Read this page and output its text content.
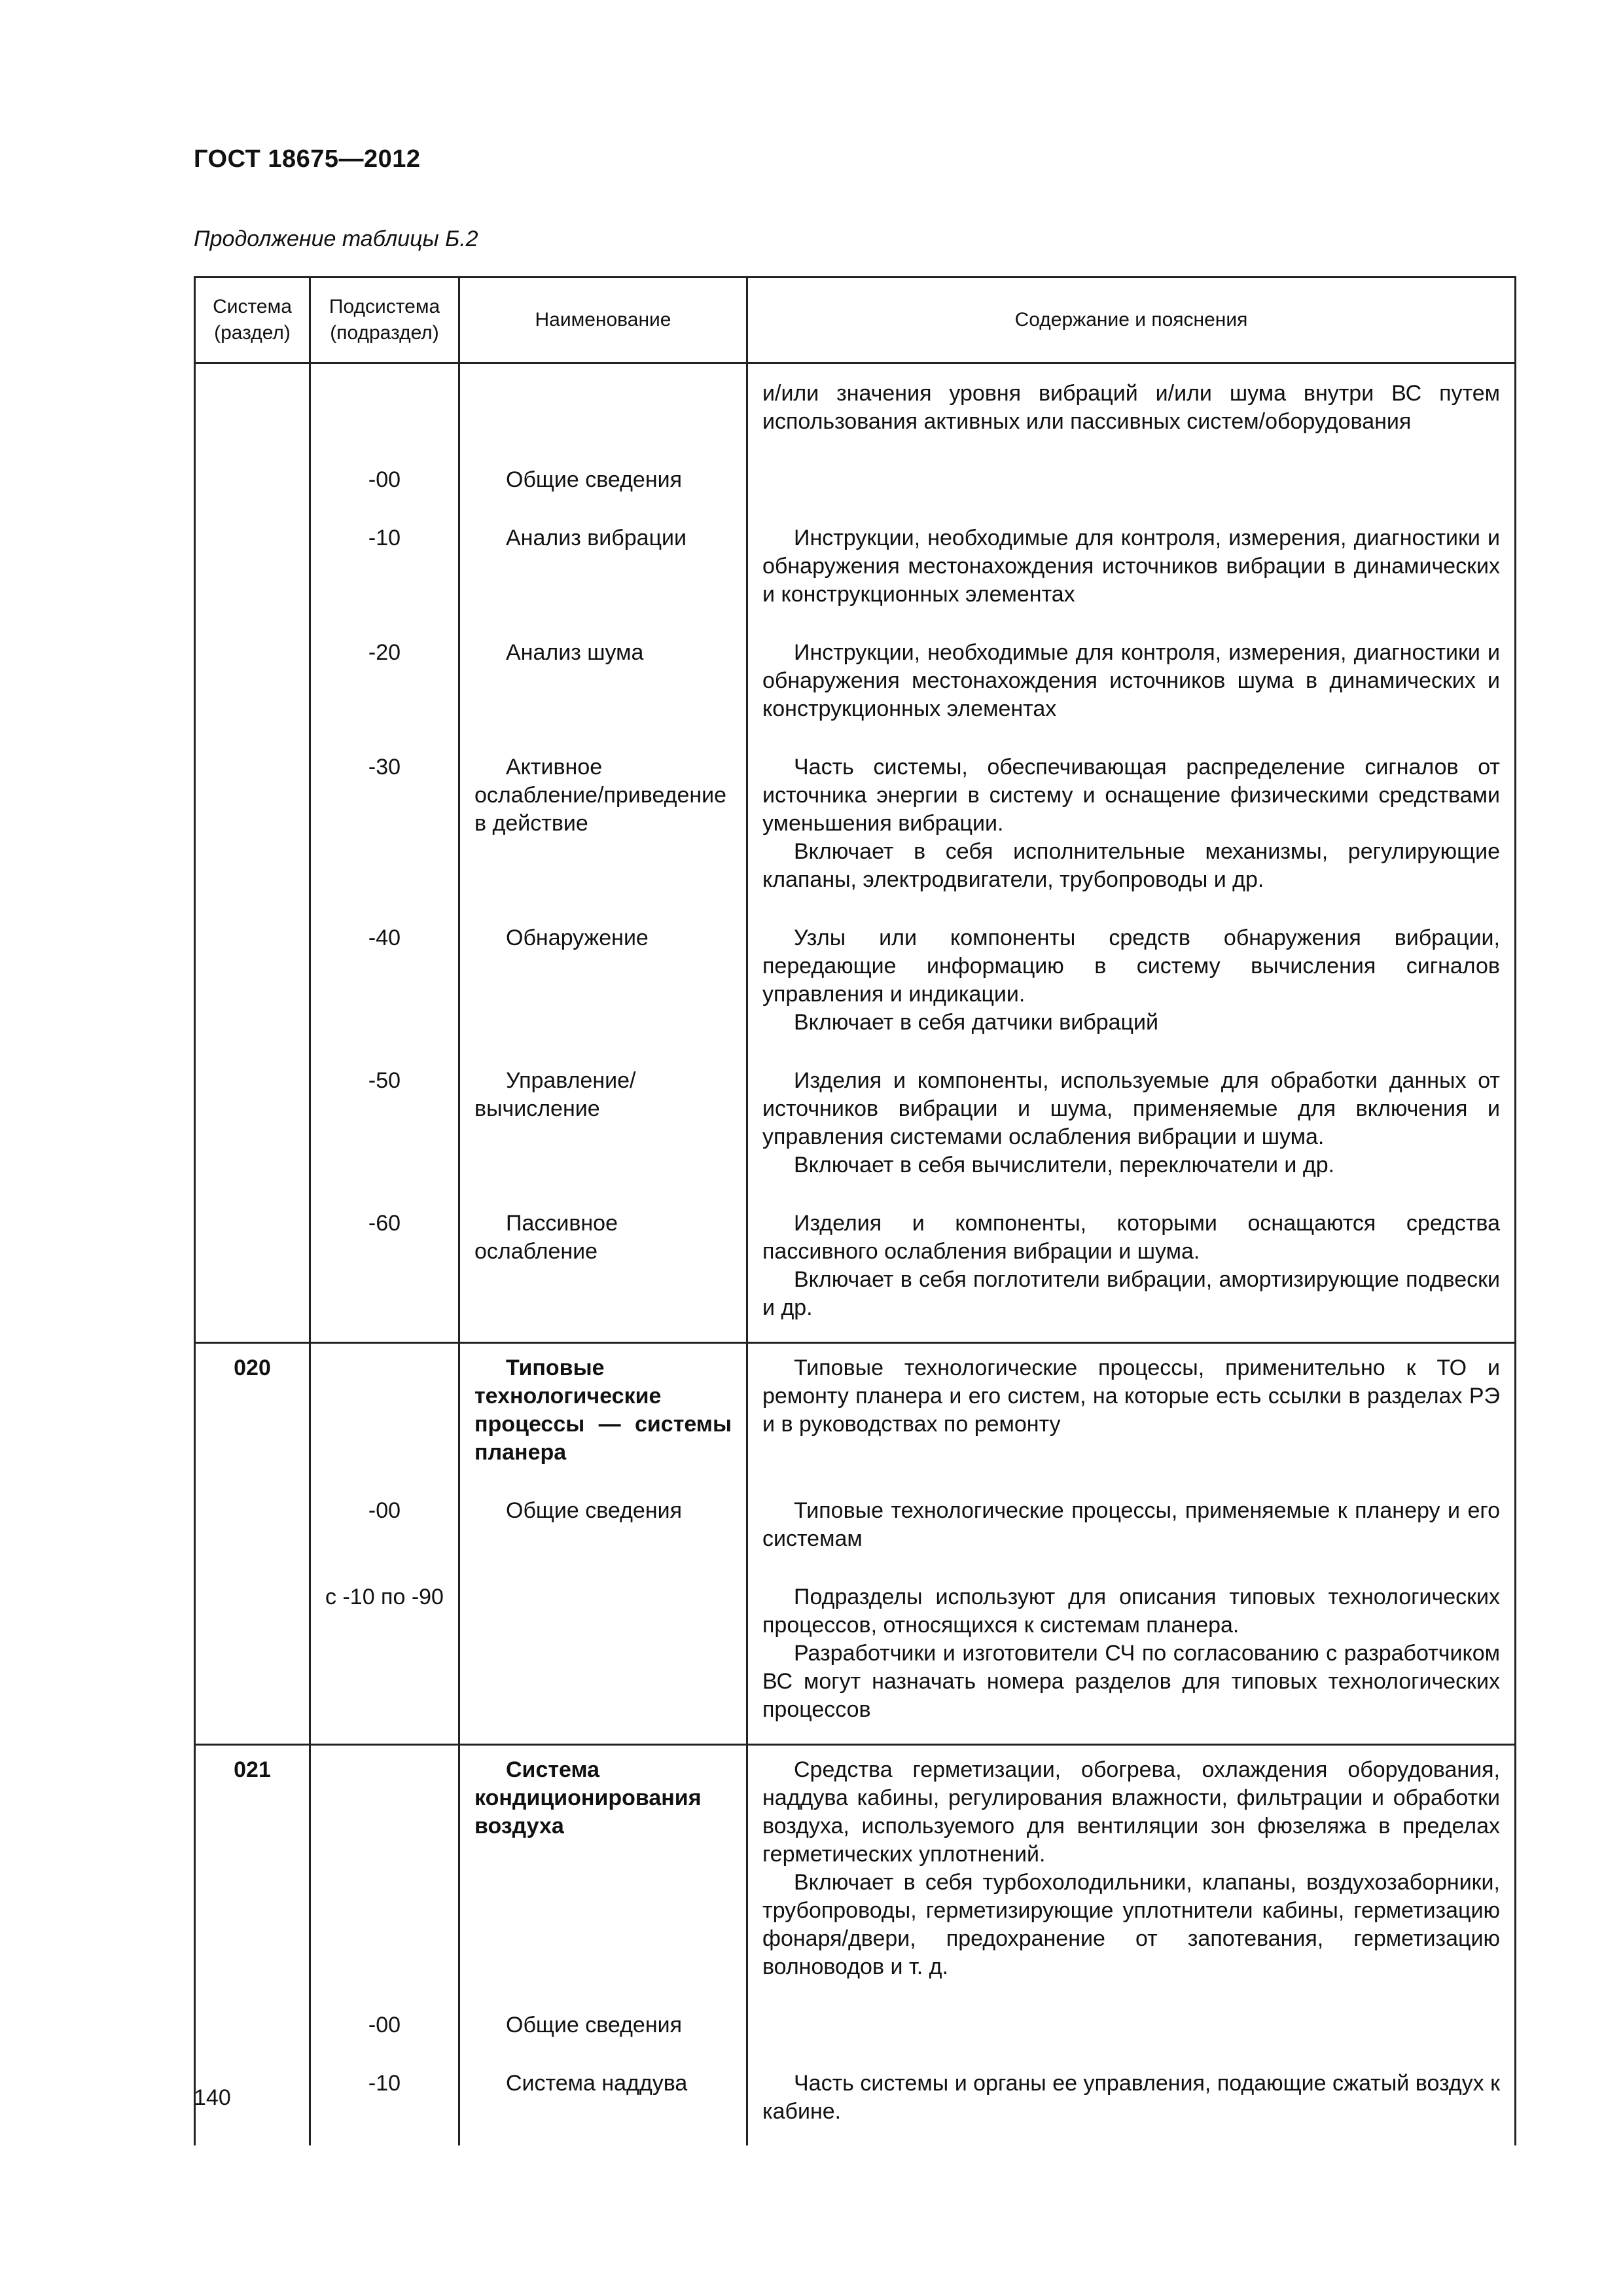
ГОСТ 18675—2012
Продолжение таблицы Б.2
Система (раздел)	Подсистема (подраздел)	Наименование	Содержание и пояснения

			и/или значения уровня вибраций и/или шума внутри ВС путем использования активных или пассивных систем/оборудования

	-00	Общие сведения	

	-10	Анализ вибрации	Инструкции, необходимые для контроля, измерения, диагностики и обнаружения местонахождения источников вибрации в динамических и конструкционных элементах

	-20	Анализ шума	Инструкции, необходимые для контроля, измерения, диагностики и обнаружения местонахождения источников шума в динамических и конструкционных элементах

	-30	Активное ослабление/приведение в действие	Часть системы, обеспечивающая распределение сигналов от источника энергии в систему и оснащение физическими средствами уменьшения вибрации.
Включает в себя исполнительные механизмы, регулирующие клапаны, электродвигатели, трубопроводы и др.

	-40	Обнаружение	Узлы или компоненты средств обнаружения вибрации, передающие информацию в систему вычисления сигналов управления и индикации.
Включает в себя датчики вибраций

	-50	Управление/вычисление	Изделия и компоненты, используемые для обработки данных от источников вибрации и шума, применяемые для включения и управления системами ослабления вибрации и шума.
Включает в себя вычислители, переключатели и др.

	-60	Пассивное ослабление	Изделия и компоненты, которыми оснащаются средства пассивного ослабления вибрации и шума.
Включает в себя поглотители вибрации, амортизирующие подвески и др.

020		Типовые технологические процессы — системы планера	Типовые технологические процессы, применительно к ТО и ремонту планера и его систем, на которые есть ссылки в разделах РЭ и в руководствах по ремонту

	-00	Общие сведения	Типовые технологические процессы, применяемые к планеру и его системам

	с -10 по -90		Подразделы используют для описания типовых технологических процессов, относящихся к системам планера.
Разработчики и изготовители СЧ по согласованию с разработчиком ВС могут назначать номера разделов для типовых технологических процессов

021		Система кондиционирования воздуха	Средства герметизации, обогрева, охлаждения оборудования, наддува кабины, регулирования влажности, фильтрации и обработки воздуха, используемого для вентиляции зон фюзеляжа в пределах герметических уплотнений.
Включает в себя турбохолодильники, клапаны, воздухозаборники, трубопроводы, герметизирующие уплотнители кабины, герметизацию фонаря/двери, предохранение от запотевания, герметизацию волноводов и т. д.

	-00	Общие сведения	

	-10	Система наддува	Часть системы и органы ее управления, подающие сжатый воздух к кабине.

140
